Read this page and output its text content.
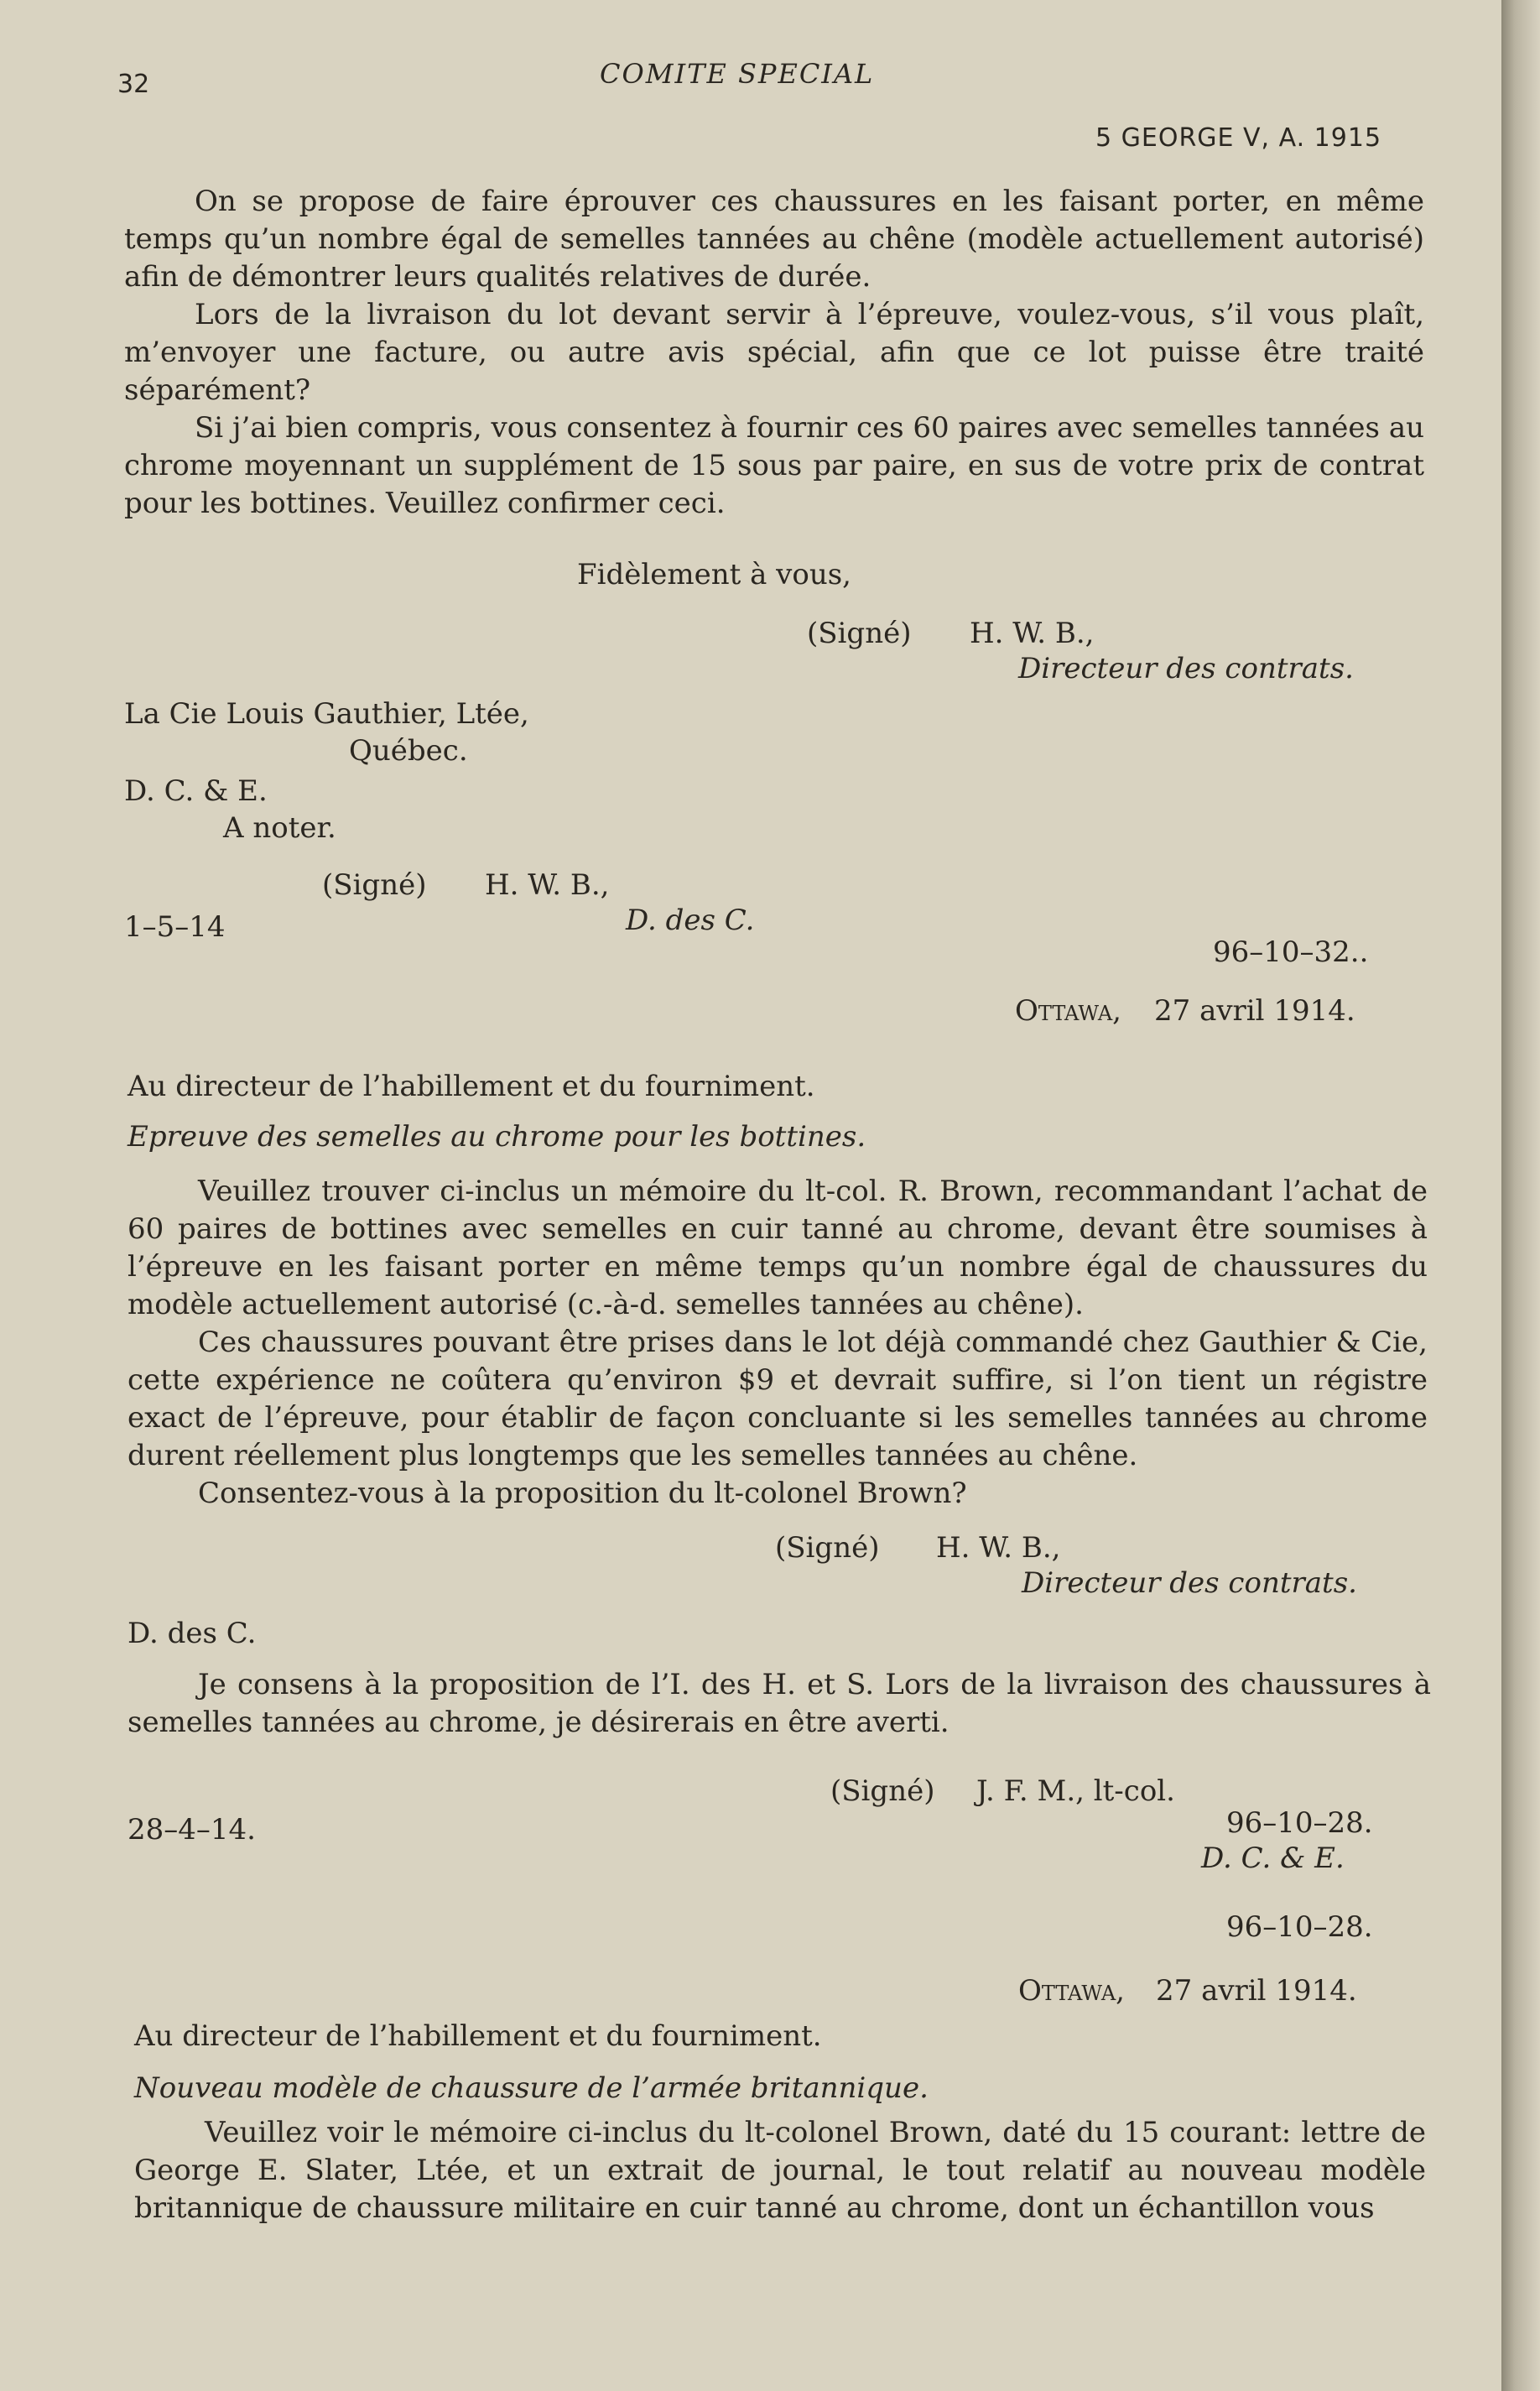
32	COMITE SPECIAL
5 GEORGE V, A. 1915

On se propose de faire éprouver ces chaussures en les faisant porter, en même temps qu’un nombre égal de semelles tannées au chêne (modèle actuellement autorisé) afin de démontrer leurs qualités relatives de durée.

Lors de la livraison du lot devant servir à l’épreuve, voulez-vous, s’il vous plaît, m’envoyer une facture, ou autre avis spécial, afin que ce lot puisse être traité séparément?

Si j’ai bien compris, vous consentez à fournir ces 60 paires avec semelles tannées au chrome moyennant un supplément de 15 sous par paire, en sus de votre prix de contrat pour les bottines. Veuillez confirmer ceci.

Fidèlement à vous,
(Signé) H. W. B.,
Directeur des contrats.
La Cie Louis Gauthier, Ltée,
Québec.
D. C. & E.
A noter.
(Signé) H. W. B.,
D. des C.
1–5–14
96–10–32..
Ottawa, 27 avril 1914.
Au directeur de l’habillement et du fourniment.
Epreuve des semelles au chrome pour les bottines.

Veuillez trouver ci-inclus un mémoire du lt-col. R. Brown, recommandant l’achat de 60 paires de bottines avec semelles en cuir tanné au chrome, devant être soumises à l’épreuve en les faisant porter en même temps qu’un nombre égal de chaussures du modèle actuellement autorisé (c.-à-d. semelles tannées au chêne).

Ces chaussures pouvant être prises dans le lot déjà commandé chez Gauthier & Cie, cette expérience ne coûtera qu’environ $9 et devrait suffire, si l’on tient un régistre exact de l’épreuve, pour établir de façon concluante si les semelles tannées au chrome durent réellement plus longtemps que les semelles tannées au chêne.

Consentez-vous à la proposition du lt-colonel Brown?

(Signé) H. W. B.,
Directeur des contrats.
D. des C.

Je consens à la proposition de l’I. des H. et S. Lors de la livraison des chaussures à semelles tannées au chrome, je désirerais en être averti.

(Signé) J. F. M., lt-col.
96–10–28.
D. C. & E.
28–4–14.
96–10–28.
Ottawa, 27 avril 1914.
Au directeur de l’habillement et du fourniment.
Nouveau modèle de chaussure de l’armée britannique.

Veuillez voir le mémoire ci-inclus du lt-colonel Brown, daté du 15 courant: lettre de George E. Slater, Ltée, et un extrait de journal, le tout relatif au nouveau modèle britannique de chaussure militaire en cuir tanné au chrome, dont un échantillon vous
